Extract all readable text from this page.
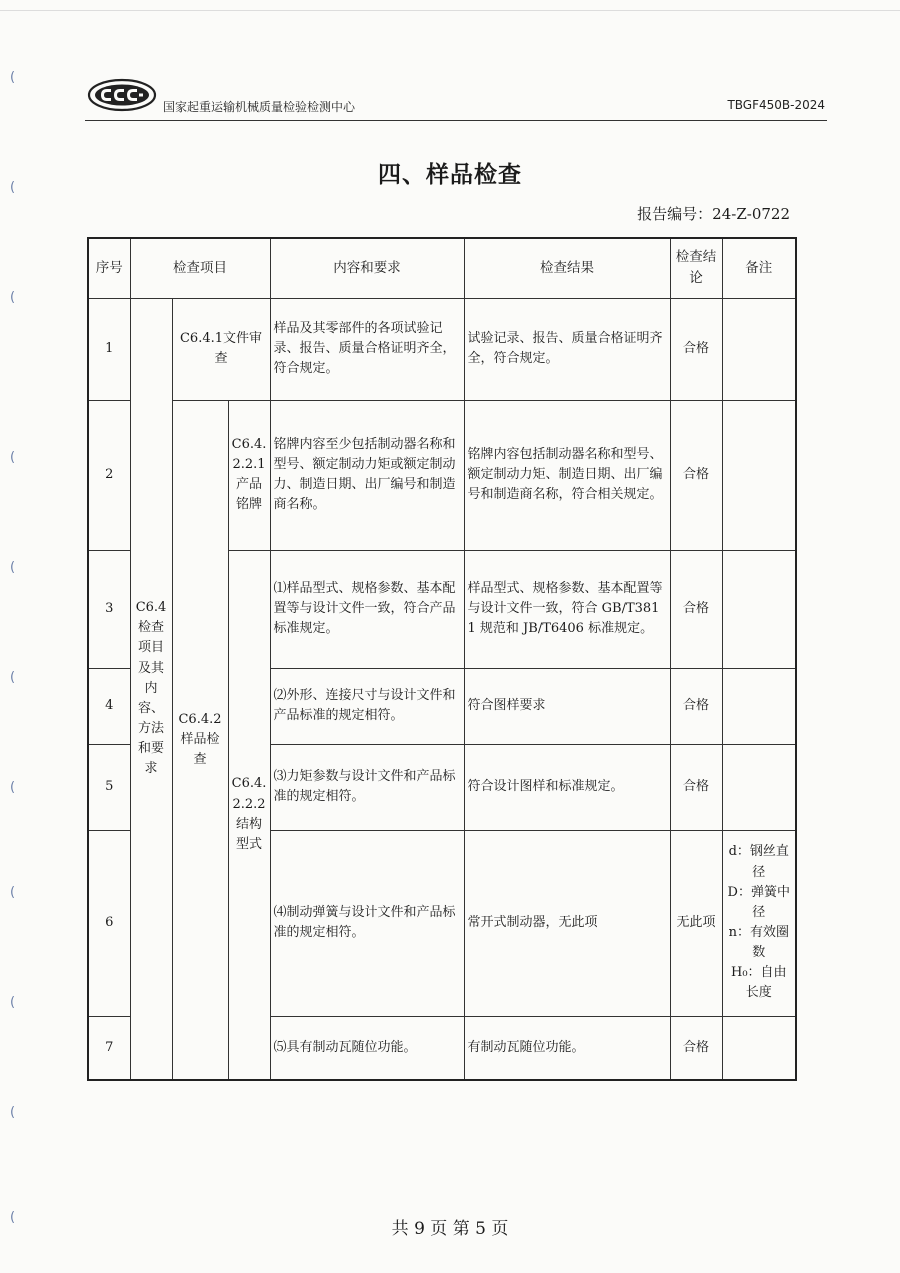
(
(
(
(
(
(
(
(
(
(
(
国家起重运输机械质量检验检测中心	TBGF450B-2024
四、样品检查
报告编号：24-Z-0722
序号	检查项目			内容和要求	检查结果	检查结论	备注
1	C6.4检查项目及其内容、方法和要求	C6.4.1文件审查		样品及其零部件的各项试验记录、报告、质量合格证明齐全，符合规定。	试验记录、报告、质量合格证明齐全，符合规定。	合格	
2		C6.4.2样品检查	C6.4.2.2.1产品铭牌	铭牌内容至少包括制动器名称和型号、额定制动力矩或额定制动力、制造日期、出厂编号和制造商名称。	铭牌内容包括制动器名称和型号、额定制动力矩、制造日期、出厂编号和制造商名称，符合相关规定。	合格	
3			C6.4.2.2.2结构型式	⑴样品型式、规格参数、基本配置等与设计文件一致，符合产品标准规定。	样品型式、规格参数、基本配置等与设计文件一致，符合 GB/T3811 规范和 JB/T6406 标准规定。	合格	
4				⑵外形、连接尺寸与设计文件和产品标准的规定相符。	符合图样要求	合格	
5				⑶力矩参数与设计文件和产品标准的规定相符。	符合设计图样和标准规定。	合格	
6				⑷制动弹簧与设计文件和产品标准的规定相符。	常开式制动器，无此项	无此项	d：钢丝直径
D：弹簧中径
n：有效圈数
H₀：自由长度

7				⑸具有制动瓦随位功能。	有制动瓦随位功能。	合格	
共 9 页 第 5 页
